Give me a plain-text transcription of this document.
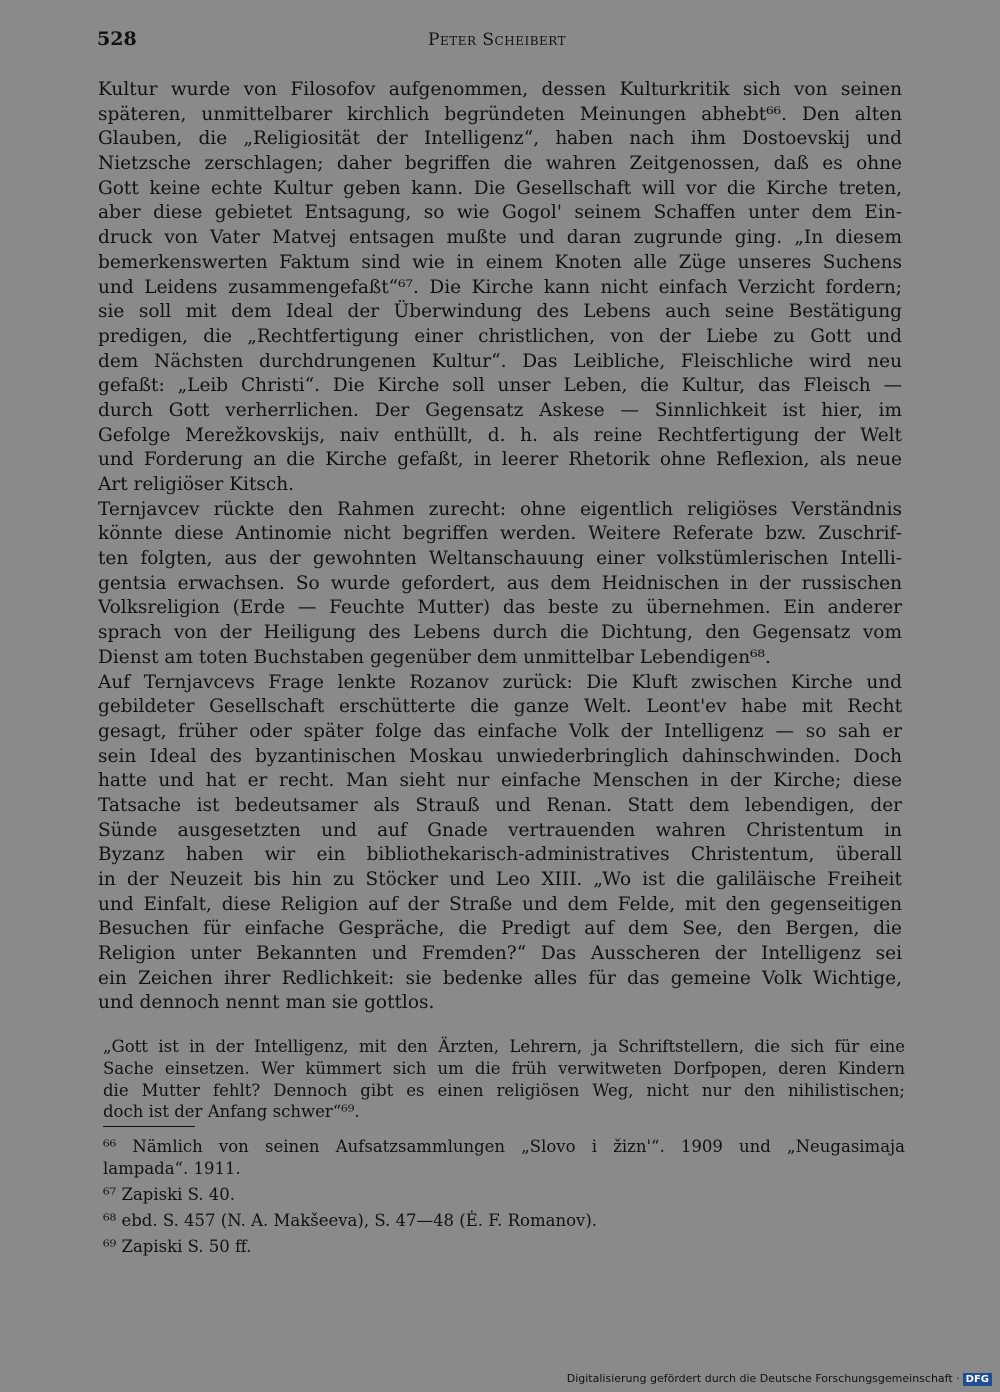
528	Peter Scheibert
Kultur wurde von Filosofov aufgenommen, dessen Kulturkritik sich von seinen
späteren, unmittelbarer kirchlich begründeten Meinungen abhebt⁶⁶. Den alten
Glauben, die „Religiosität der Intelligenz“, haben nach ihm Dostoevskij und
Nietzsche zerschlagen; daher begriffen die wahren Zeitgenossen, daß es ohne
Gott keine echte Kultur geben kann. Die Gesellschaft will vor die Kirche treten,
aber diese gebietet Entsagung, so wie Gogol' seinem Schaffen unter dem Ein-
druck von Vater Matvej entsagen mußte und daran zugrunde ging. „In diesem
bemerkenswerten Faktum sind wie in einem Knoten alle Züge unseres Suchens
und Leidens zusammengefaßt“⁶⁷. Die Kirche kann nicht einfach Verzicht fordern;
sie soll mit dem Ideal der Überwindung des Lebens auch seine Bestätigung
predigen, die „Rechtfertigung einer christlichen, von der Liebe zu Gott und
dem Nächsten durchdrungenen Kultur“. Das Leibliche, Fleischliche wird neu
gefaßt: „Leib Christi“. Die Kirche soll unser Leben, die Kultur, das Fleisch —
durch Gott verherrlichen. Der Gegensatz Askese — Sinnlichkeit ist hier, im
Gefolge Merežkovskijs, naiv enthüllt, d. h. als reine Rechtfertigung der Welt
und Forderung an die Kirche gefaßt, in leerer Rhetorik ohne Reflexion, als neue
Art religiöser Kitsch.
Ternjavcev rückte den Rahmen zurecht: ohne eigentlich religiöses Verständnis
könnte diese Antinomie nicht begriffen werden. Weitere Referate bzw. Zuschrif-
ten folgten, aus der gewohnten Weltanschauung einer volkstümlerischen Intelli-
gentsia erwachsen. So wurde gefordert, aus dem Heidnischen in der russischen
Volksreligion (Erde — Feuchte Mutter) das beste zu übernehmen. Ein anderer
sprach von der Heiligung des Lebens durch die Dichtung, den Gegensatz vom
Dienst am toten Buchstaben gegenüber dem unmittelbar Lebendigen⁶⁸.
Auf Ternjavcevs Frage lenkte Rozanov zurück: Die Kluft zwischen Kirche und
gebildeter Gesellschaft erschütterte die ganze Welt. Leont'ev habe mit Recht
gesagt, früher oder später folge das einfache Volk der Intelligenz — so sah er
sein Ideal des byzantinischen Moskau unwiederbringlich dahinschwinden. Doch
hatte und hat er recht. Man sieht nur einfache Menschen in der Kirche; diese
Tatsache ist bedeutsamer als Strauß und Renan. Statt dem lebendigen, der
Sünde ausgesetzten und auf Gnade vertrauenden wahren Christentum in
Byzanz haben wir ein bibliothekarisch-administratives Christentum, überall
in der Neuzeit bis hin zu Stöcker und Leo XIII. „Wo ist die galiläische Freiheit
und Einfalt, diese Religion auf der Straße und dem Felde, mit den gegenseitigen
Besuchen für einfache Gespräche, die Predigt auf dem See, den Bergen, die
Religion unter Bekannten und Fremden?“ Das Ausscheren der Intelligenz sei
ein Zeichen ihrer Redlichkeit: sie bedenke alles für das gemeine Volk Wichtige,
und dennoch nennt man sie gottlos.
„Gott ist in der Intelligenz, mit den Ärzten, Lehrern, ja Schriftstellern, die sich für eine
Sache einsetzen. Wer kümmert sich um die früh verwitweten Dorfpopen, deren Kindern
die Mutter fehlt? Dennoch gibt es einen religiösen Weg, nicht nur den nihilistischen;
doch ist der Anfang schwer“⁶⁹.
⁶⁶ Nämlich von seinen Aufsatzsammlungen „Slovo i žizn'“. 1909 und „Neugasimaja
lampada“. 1911.
⁶⁷ Zapiski S. 40.
⁶⁸ ebd. S. 457 (N. A. Makšeeva), S. 47—48 (Ė. F. Romanov).
⁶⁹ Zapiski S. 50 ff.
Digitalisierung gefördert durch die Deutsche Forschungsgemeinschaft · DFG
